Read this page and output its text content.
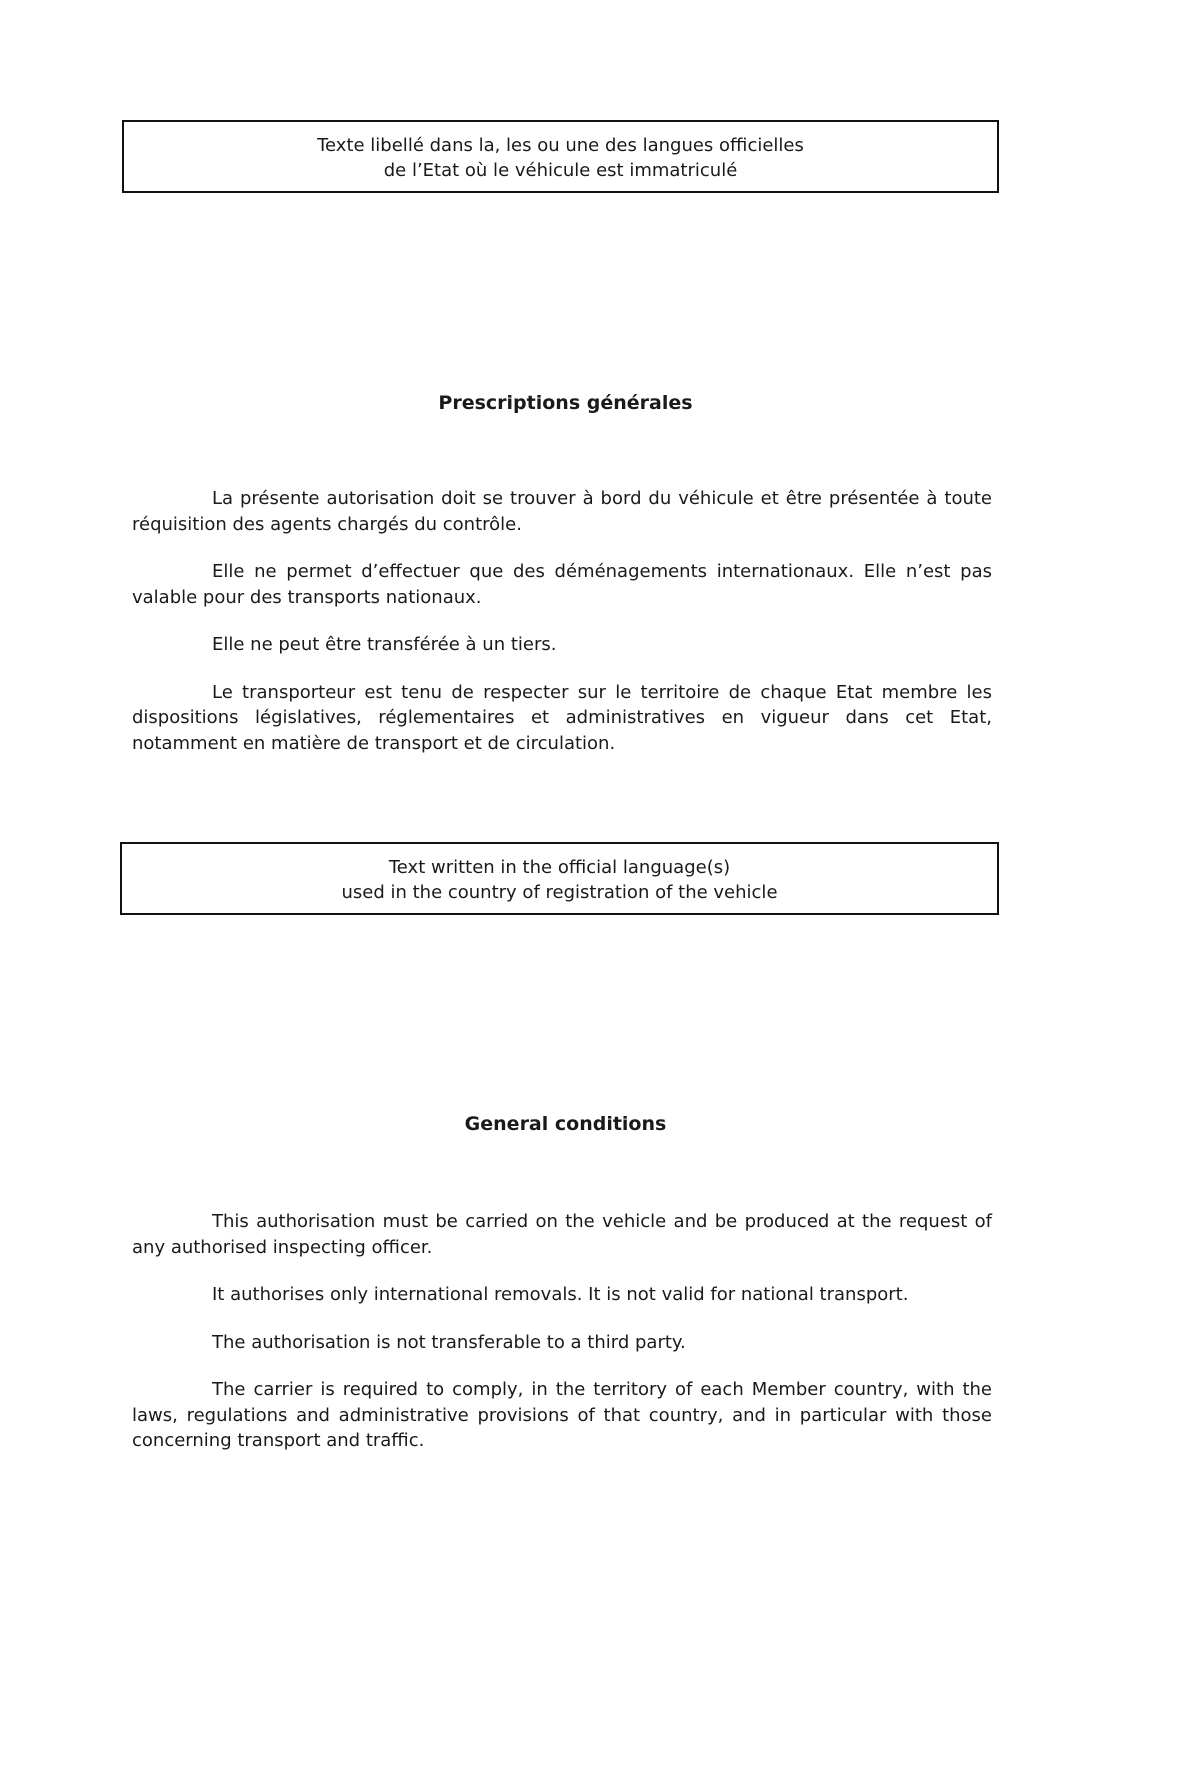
Texte libellé dans la, les ou une des langues officielles
de l’Etat où le véhicule est immatriculé
Prescriptions générales

La présente autorisation doit se trouver à bord du véhicule et être présentée à toute réquisition des agents chargés du contrôle.

Elle ne permet d’effectuer que des déménagements internationaux. Elle n’est pas valable pour des transports nationaux.

Elle ne peut être transférée à un tiers.

Le transporteur est tenu de respecter sur le territoire de chaque Etat membre les dispositions législatives, réglementaires et administratives en vigueur dans cet Etat, notamment en matière de transport et de circulation.

Text written in the official language(s)
used in the country of registration of the vehicle
General conditions

This authorisation must be carried on the vehicle and be produced at the request of any authorised inspecting officer.

It authorises only international removals. It is not valid for national transport.

The authorisation is not transferable to a third party.

The carrier is required to comply, in the territory of each Member country, with the laws, regulations and administrative provisions of that country, and in particular with those concerning transport and traffic.
